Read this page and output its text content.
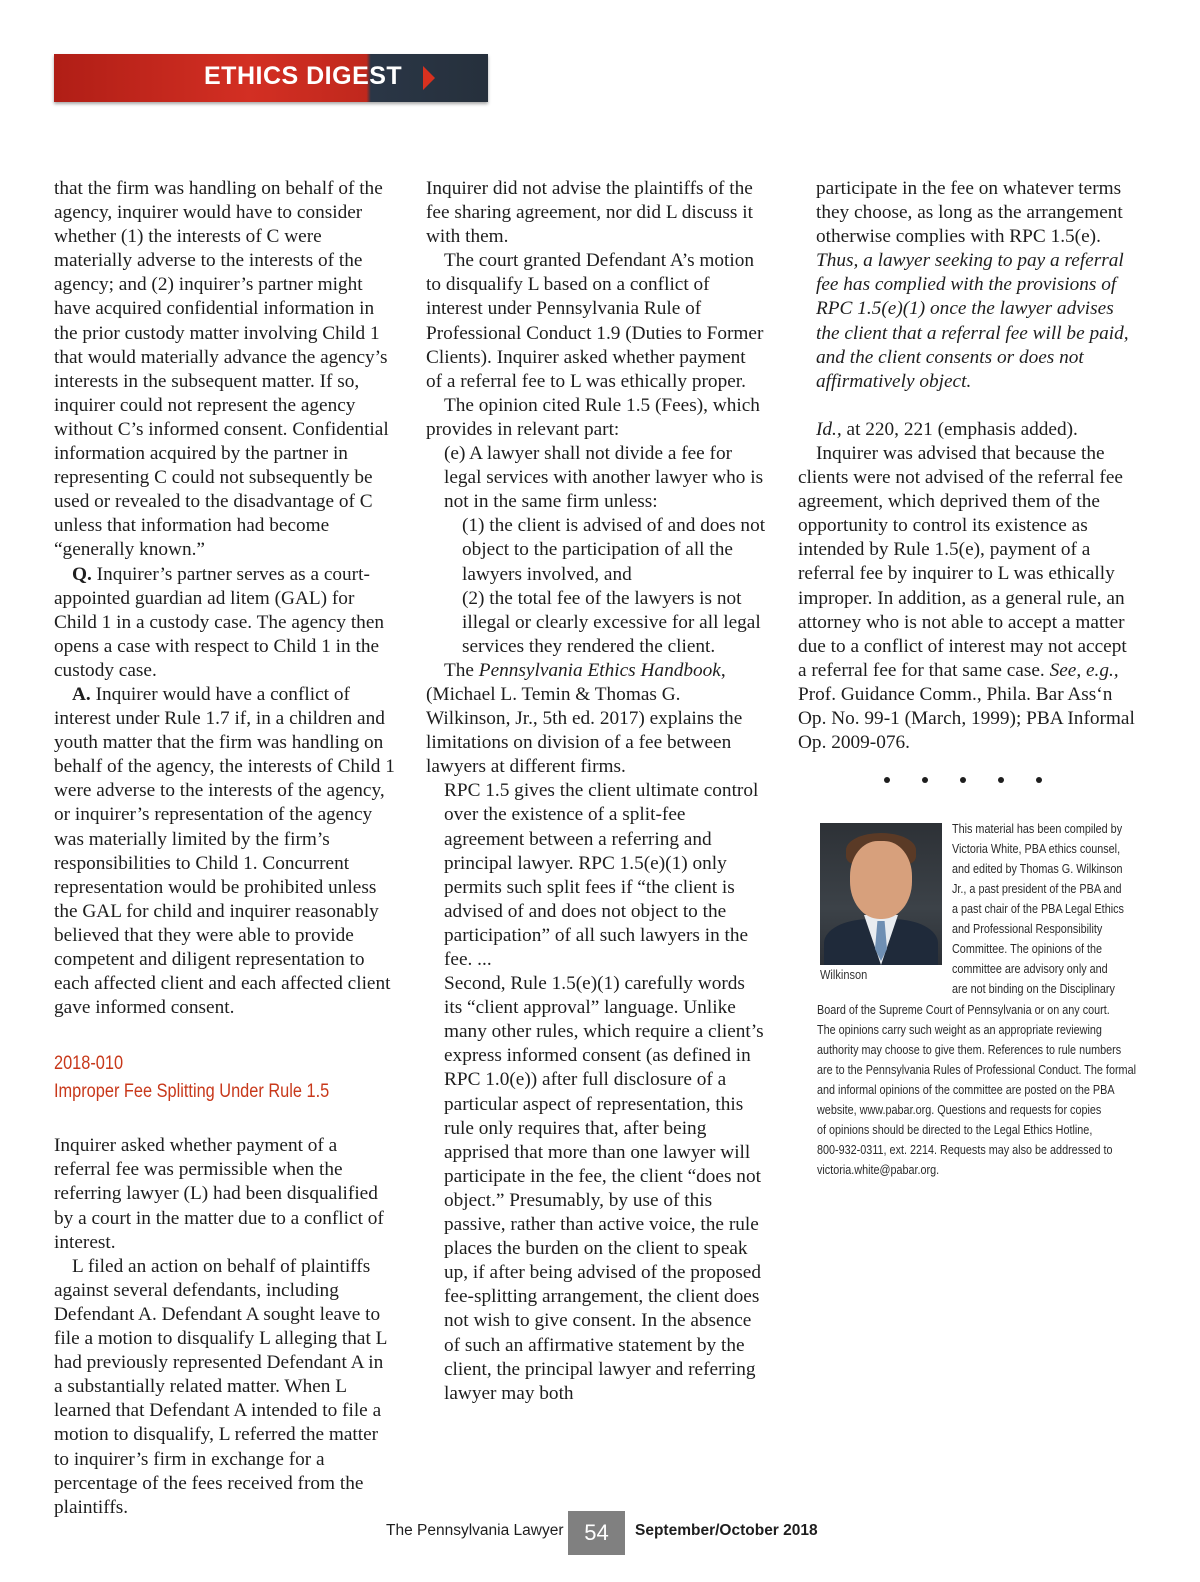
ETHICS DIGEST

that the firm was handling on behalf of the agency, inquirer would have to consider whether (1) the interests of C were materially adverse to the interests of the agency; and (2) inquirer’s partner might have acquired confidential information in the prior custody matter involving Child 1 that would materially advance the agency’s interests in the subsequent matter. If so, inquirer could not represent the agency without C’s informed consent. Confidential information acquired by the partner in representing C could not subsequently be used or revealed to the disadvantage of C unless that information had become “generally known.”

Q. Inquirer’s partner serves as a court-appointed guardian ad litem (GAL) for Child 1 in a custody case. The agency then opens a case with respect to Child 1 in the custody case.

A. Inquirer would have a conflict of interest under Rule 1.7 if, in a children and youth matter that the firm was handling on behalf of the agency, the interests of Child 1 were adverse to the interests of the agency, or inquirer’s representation of the agency was materially limited by the firm’s responsibilities to Child 1. Concurrent representation would be prohibited unless the GAL for child and inquirer reasonably believed that they were able to provide competent and diligent representation to each affected client and each affected client gave informed consent.

2018-010
Improper Fee Splitting Under Rule 1.5

Inquirer asked whether payment of a referral fee was permissible when the referring lawyer (L) had been disqualified by a court in the matter due to a conflict of interest.

L filed an action on behalf of plaintiffs against several defendants, including Defendant A. Defendant A sought leave to file a motion to disqualify L alleging that L had previously represented Defendant A in a substantially related matter. When L learned that Defendant A intended to file a motion to disqualify, L referred the matter to inquirer’s firm in exchange for a percentage of the fees received from the plaintiffs.

Inquirer did not advise the plaintiffs of the fee sharing agreement, nor did L discuss it with them.

The court granted Defendant A’s motion to disqualify L based on a conflict of interest under Pennsylvania Rule of Professional Conduct 1.9 (Duties to Former Clients). Inquirer asked whether payment of a referral fee to L was ethically proper.

The opinion cited Rule 1.5 (Fees), which provides in relevant part:

(e) A lawyer shall not divide a fee for legal services with another lawyer who is not in the same firm unless:

(1) the client is advised of and does not object to the participation of all the lawyers involved, and

(2) the total fee of the lawyers is not illegal or clearly excessive for all legal services they rendered the client.

The Pennsylvania Ethics Handbook, (Michael L. Temin & Thomas G. Wilkinson, Jr., 5th ed. 2017) explains the limitations on division of a fee between lawyers at different firms.

RPC 1.5 gives the client ultimate control over the existence of a split-fee agreement between a referring and principal lawyer. RPC 1.5(e)(1) only permits such split fees if “the client is advised of and does not object to the participation” of all such lawyers in the fee. ...

Second, Rule 1.5(e)(1) carefully words its “client approval” language. Unlike many other rules, which require a client’s express informed consent (as defined in RPC 1.0(e)) after full disclosure of a particular aspect of representation, this rule only requires that, after being apprised that more than one lawyer will participate in the fee, the client “does not object.” Presumably, by use of this passive, rather than active voice, the rule places the burden on the client to speak up, if after being advised of the proposed fee-splitting arrangement, the client does not wish to give consent. In the absence of such an affirmative statement by the client, the principal lawyer and referring lawyer may both

participate in the fee on whatever terms they choose, as long as the arrangement otherwise complies with RPC 1.5(e). Thus, a lawyer seeking to pay a referral fee has complied with the provisions of RPC 1.5(e)(1) once the lawyer advises the client that a referral fee will be paid, and the client consents or does not affirmatively object.

Id., at 220, 221 (emphasis added).

Inquirer was advised that because the clients were not advised of the referral fee agreement, which deprived them of the opportunity to control its existence as intended by Rule 1.5(e), payment of a referral fee by inquirer to L was ethically improper. In addition, as a general rule, an attorney who is not able to accept a matter due to a conflict of interest may not accept a referral fee for that same case. See, e.g., Prof. Guidance Comm., Phila. Bar Ass‘n Op. No. 99-1 (March, 1999); PBA Informal Op. 2009-076.

Wilkinson
This material has been compiled by
Victoria White, PBA ethics counsel,
and edited by Thomas G. Wilkinson
Jr., a past president of the PBA and
a past chair of the PBA Legal Ethics
and Professional Responsibility
Committee. The opinions of the
committee are advisory only and
are not binding on the Disciplinary
Board of the Supreme Court of Pennsylvania or on any court.
The opinions carry such weight as an appropriate reviewing
authority may choose to give them. References to rule numbers
are to the Pennsylvania Rules of Professional Conduct. The formal
and informal opinions of the committee are posted on the PBA
website, www.pabar.org. Questions and requests for copies
of opinions should be directed to the Legal Ethics Hotline,
800-932-0311, ext. 2214. Requests may also be addressed to
victoria.white@pabar.org.
The Pennsylvania Lawyer 54	September/October 2018
